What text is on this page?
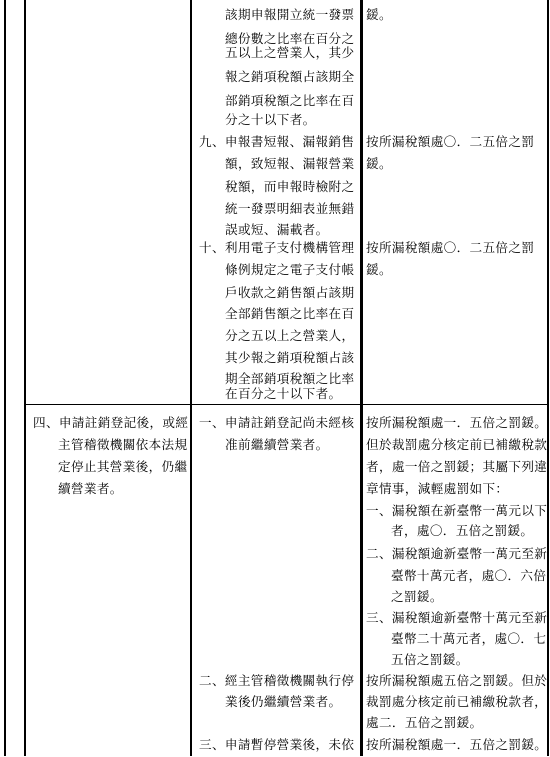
該期申報開立統一發票
總份數之比率在百分之
五以上之營業人，其少
報之銷項稅額占該期全
部銷項稅額之比率在百
分之十以下者。
鍰。
九、申報書短報、漏報銷售
額，致短報、漏報營業
稅額，而申報時檢附之
統一發票明細表並無錯
誤或短、漏載者。
按所漏稅額處〇．二五倍之罰
鍰。
十、利用電子支付機構管理
條例規定之電子支付帳
戶收款之銷售額占該期
全部銷售額之比率在百
分之五以上之營業人，
其少報之銷項稅額占該
期全部銷項稅額之比率
在百分之十以下者。
按所漏稅額處〇．二五倍之罰
鍰。
四、申請註銷登記後，或經
主管稽徵機關依本法規
定停止其營業後，仍繼
續營業者。
一、申請註銷登記尚未經核
准前繼續營業者。
按所漏稅額處一．五倍之罰鍰。
但於裁罰處分核定前已補繳稅款
者，處一倍之罰鍰；其屬下列違
章情事，減輕處罰如下：
一、漏稅額在新臺幣一萬元以下
者，處〇．五倍之罰鍰。
二、漏稅額逾新臺幣一萬元至新
臺幣十萬元者，處〇．六倍
之罰鍰。
三、漏稅額逾新臺幣十萬元至新
臺幣二十萬元者，處〇．七
五倍之罰鍰。
二、經主管稽徵機關執行停
業後仍繼續營業者。
按所漏稅額處五倍之罰鍰。但於
裁罰處分核定前已補繳稅款者，
處二．五倍之罰鍰。
三、申請暫停營業後，未依 按所漏稅額處一．五倍之罰鍰。
